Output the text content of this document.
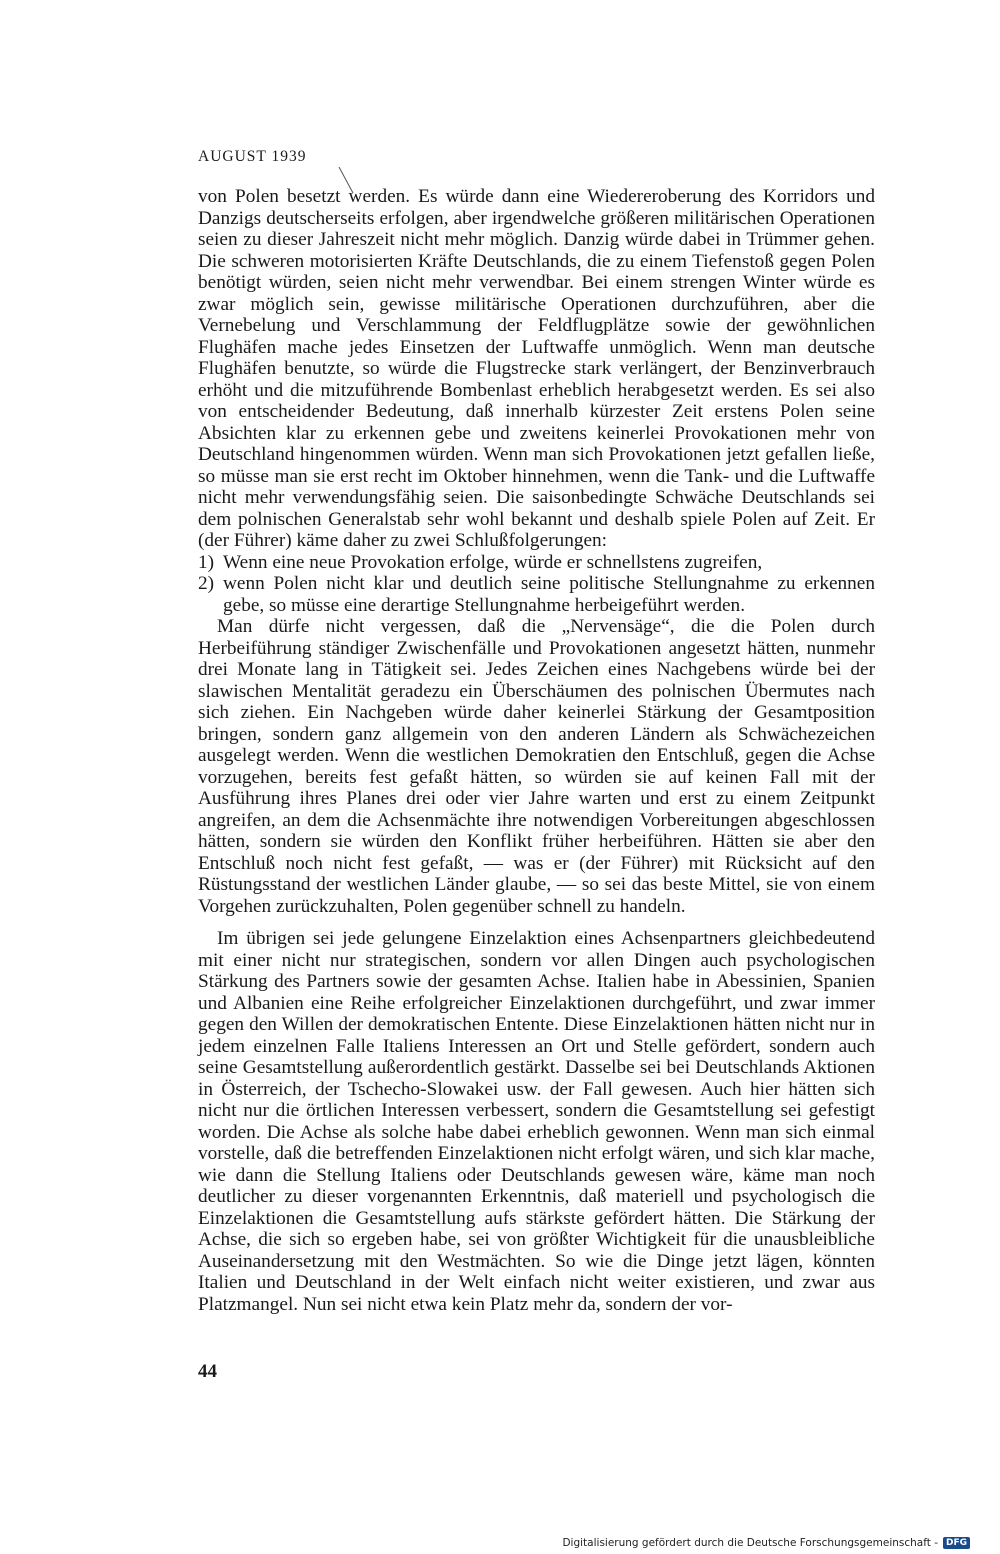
AUGUST 1939

von Polen besetzt werden. Es würde dann eine Wiedereroberung des Korridors und Danzigs deutscherseits erfolgen, aber irgendwelche größeren militärischen Operationen seien zu dieser Jahreszeit nicht mehr möglich. Danzig würde dabei in Trümmer gehen. Die schweren motorisierten Kräfte Deutschlands, die zu einem Tiefenstoß gegen Polen benötigt würden, seien nicht mehr verwendbar. Bei einem strengen Winter würde es zwar möglich sein, gewisse militärische Operationen durchzuführen, aber die Vernebelung und Verschlammung der Feldflugplätze sowie der gewöhnlichen Flughäfen mache jedes Einsetzen der Luftwaffe unmöglich. Wenn man deutsche Flughäfen benutzte, so würde die Flugstrecke stark verlängert, der Benzinverbrauch erhöht und die mitzuführende Bombenlast erheblich herabgesetzt werden. Es sei also von entscheidender Bedeutung, daß innerhalb kürzester Zeit erstens Polen seine Absichten klar zu erkennen gebe und zweitens keinerlei Provokationen mehr von Deutschland hingenommen würden. Wenn man sich Provokationen jetzt gefallen ließe, so müsse man sie erst recht im Oktober hinnehmen, wenn die Tank- und die Luftwaffe nicht mehr verwendungsfähig seien. Die saisonbedingte Schwäche Deutschlands sei dem polnischen Generalstab sehr wohl bekannt und deshalb spiele Polen auf Zeit. Er (der Führer) käme daher zu zwei Schlußfolgerungen:

1) Wenn eine neue Provokation erfolge, würde er schnellstens zugreifen,
2) wenn Polen nicht klar und deutlich seine politische Stellungnahme zu erkennen gebe, so müsse eine derartige Stellungnahme herbeigeführt werden.

Man dürfe nicht vergessen, daß die „Nervensäge“, die die Polen durch Herbeiführung ständiger Zwischenfälle und Provokationen angesetzt hätten, nunmehr drei Monate lang in Tätigkeit sei. Jedes Zeichen eines Nachgebens würde bei der slawischen Mentalität geradezu ein Überschäumen des polnischen Übermutes nach sich ziehen. Ein Nachgeben würde daher keinerlei Stärkung der Gesamtposition bringen, sondern ganz allgemein von den anderen Ländern als Schwächezeichen ausgelegt werden. Wenn die westlichen Demokratien den Entschluß, gegen die Achse vorzugehen, bereits fest gefaßt hätten, so würden sie auf keinen Fall mit der Ausführung ihres Planes drei oder vier Jahre warten und erst zu einem Zeitpunkt angreifen, an dem die Achsenmächte ihre notwendigen Vorbereitungen abgeschlossen hätten, sondern sie würden den Konflikt früher herbeiführen. Hätten sie aber den Entschluß noch nicht fest gefaßt, — was er (der Führer) mit Rücksicht auf den Rüstungsstand der westlichen Länder glaube, — so sei das beste Mittel, sie von einem Vorgehen zurückzuhalten, Polen gegenüber schnell zu handeln.

Im übrigen sei jede gelungene Einzelaktion eines Achsenpartners gleichbedeutend mit einer nicht nur strategischen, sondern vor allen Dingen auch psychologischen Stärkung des Partners sowie der gesamten Achse. Italien habe in Abessinien, Spanien und Albanien eine Reihe erfolgreicher Einzelaktionen durchgeführt, und zwar immer gegen den Willen der demokratischen Entente. Diese Einzelaktionen hätten nicht nur in jedem einzelnen Falle Italiens Interessen an Ort und Stelle gefördert, sondern auch seine Gesamtstellung außerordentlich gestärkt. Dasselbe sei bei Deutschlands Aktionen in Österreich, der Tschecho-Slowakei usw. der Fall gewesen. Auch hier hätten sich nicht nur die örtlichen Interessen verbessert, sondern die Gesamtstellung sei gefestigt worden. Die Achse als solche habe dabei erheblich gewonnen. Wenn man sich einmal vorstelle, daß die betreffenden Einzelaktionen nicht erfolgt wären, und sich klar mache, wie dann die Stellung Italiens oder Deutschlands gewesen wäre, käme man noch deutlicher zu dieser vorgenannten Erkenntnis, daß materiell und psychologisch die Einzelaktionen die Gesamtstellung aufs stärkste gefördert hätten. Die Stärkung der Achse, die sich so ergeben habe, sei von größter Wichtigkeit für die unausbleibliche Auseinandersetzung mit den Westmächten. So wie die Dinge jetzt lägen, könnten Italien und Deutschland in der Welt einfach nicht weiter existieren, und zwar aus Platzmangel. Nun sei nicht etwa kein Platz mehr da, sondern der vor-

44
Digitalisierung gefördert durch die Deutsche Forschungsgemeinschaft - DFG
